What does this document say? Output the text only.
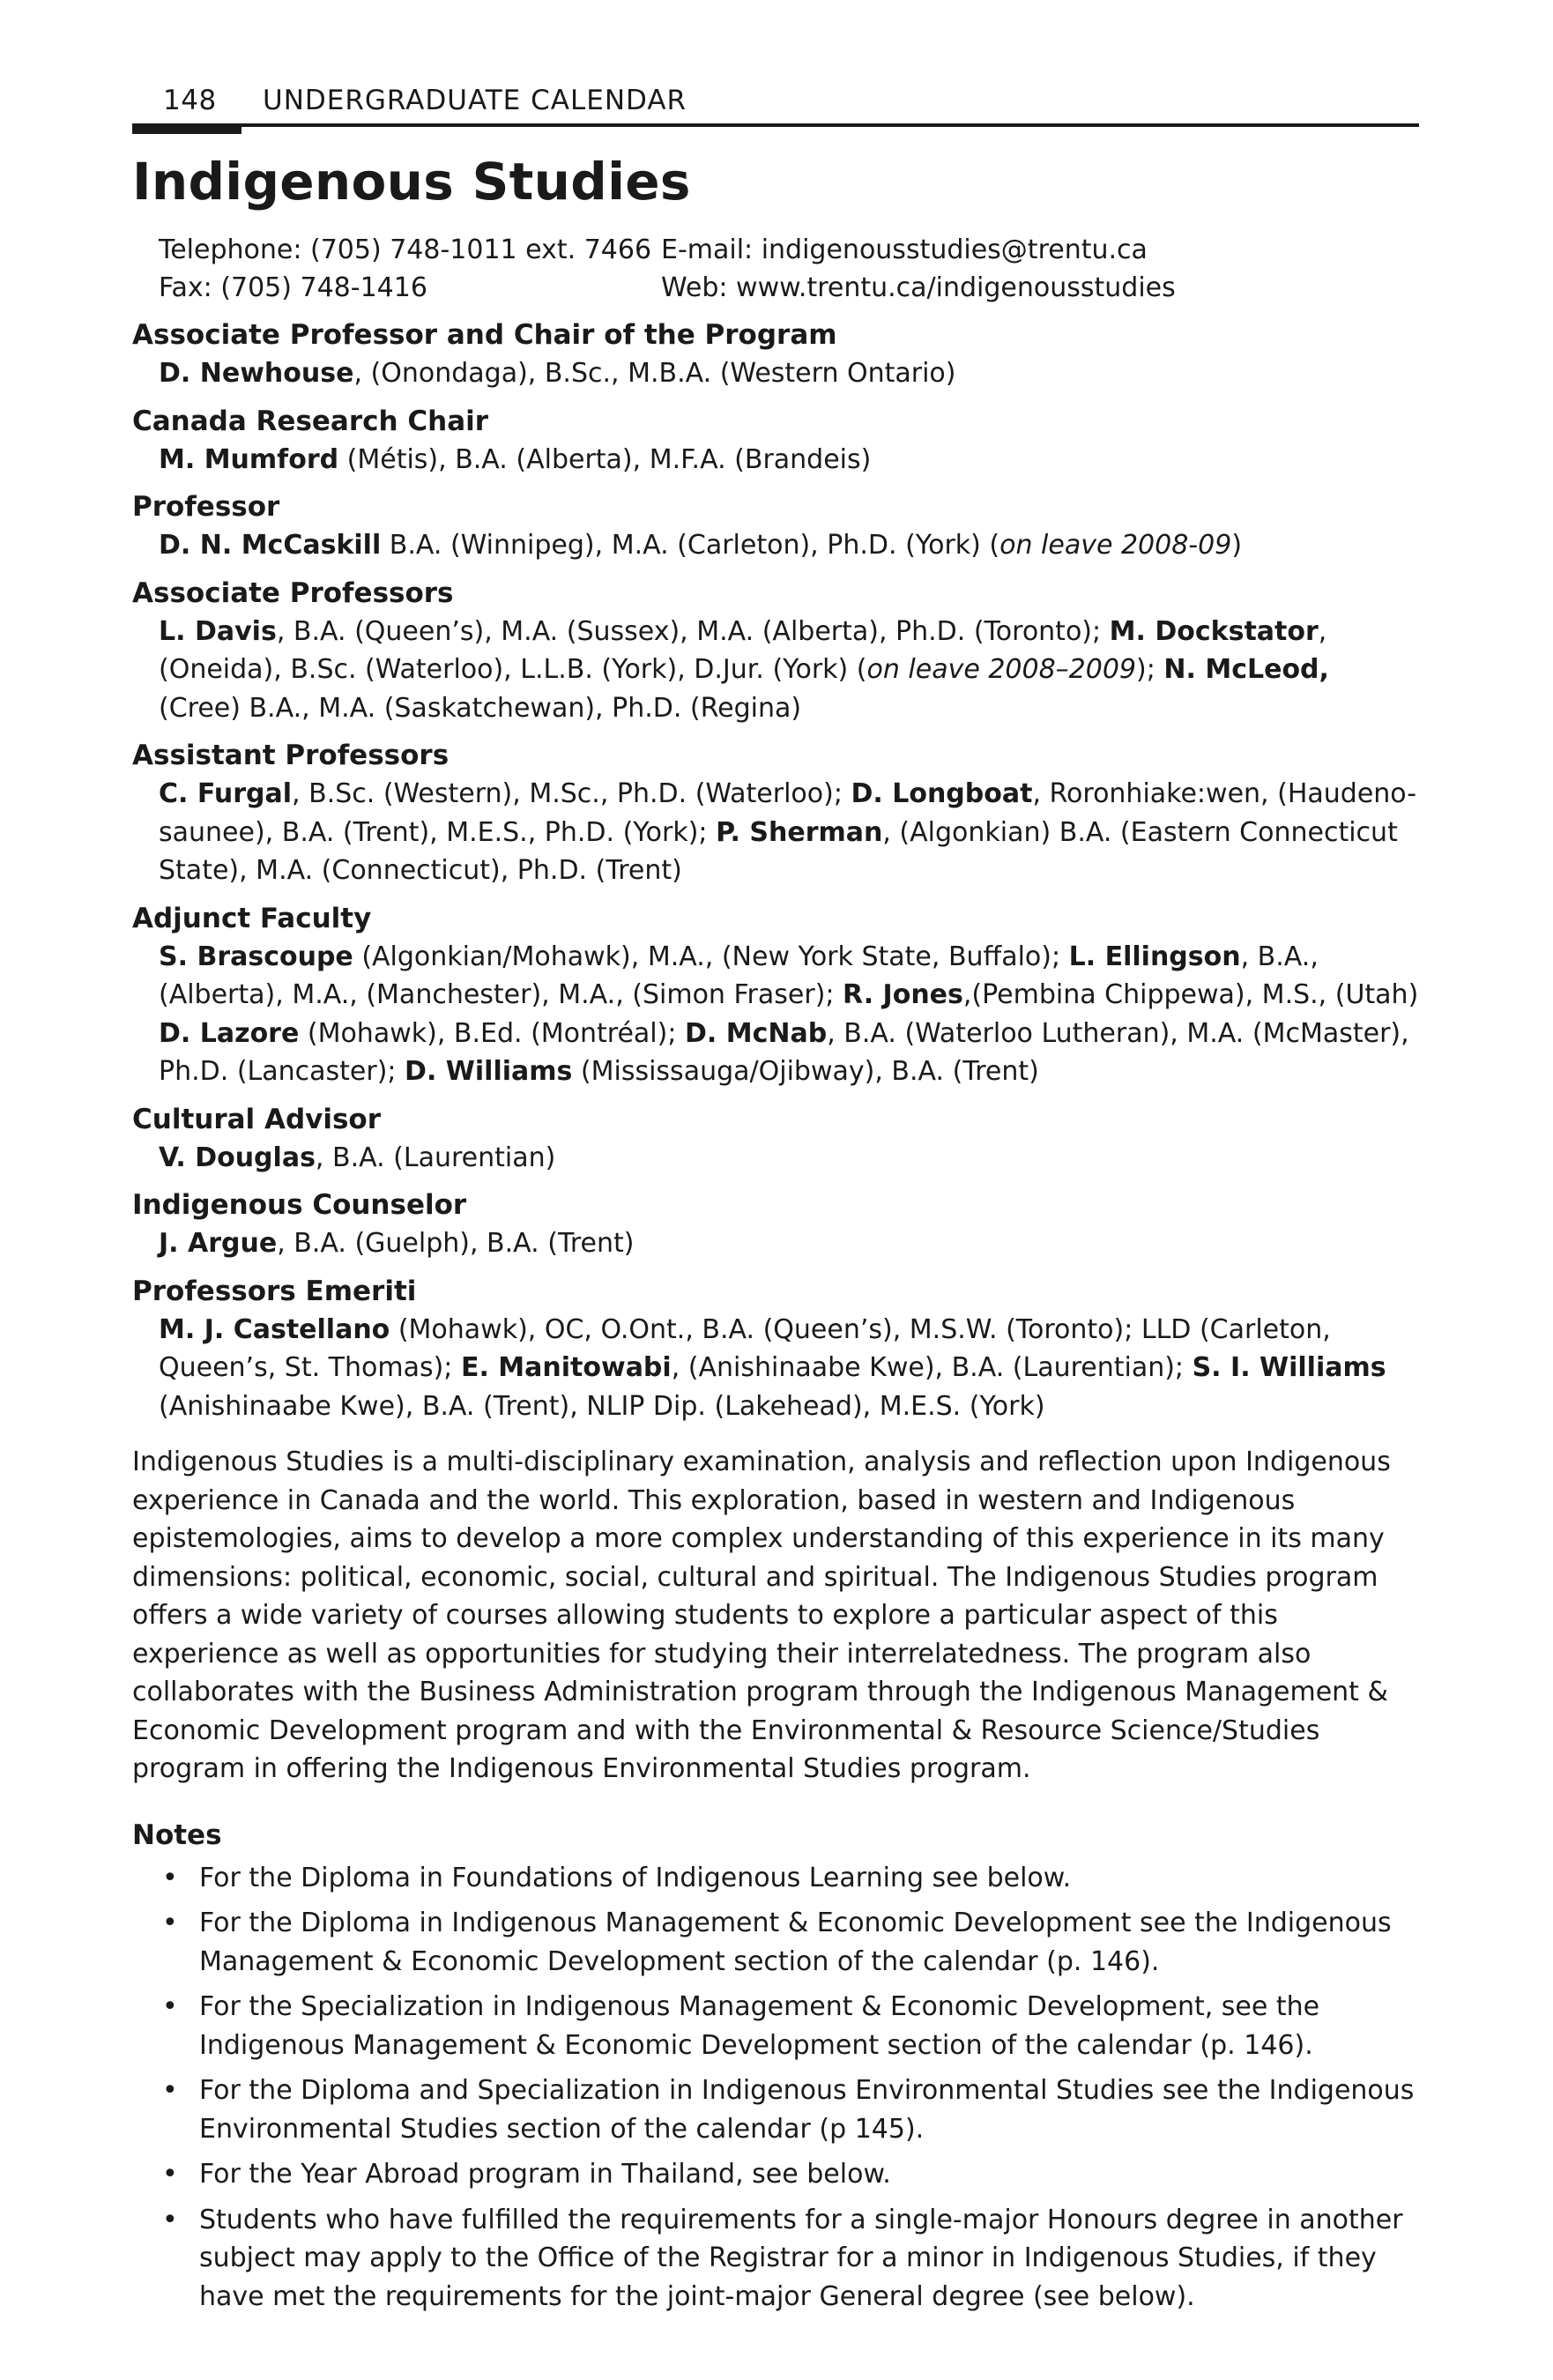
148 UNDERGRADUATE CALENDAR
Indigenous Studies
Telephone: (705) 748-1011 ext. 7466 E-mail: indigenousstudies@trentu.ca
Fax: (705) 748-1416	Web: www.trentu.ca/indigenousstudies
Associate Professor and Chair of the Program
D. Newhouse, (Onondaga), B.Sc., M.B.A. (Western Ontario)
Canada Research Chair
M. Mumford (Métis), B.A. (Alberta), M.F.A. (Brandeis)
Professor
D. N. McCaskill B.A. (Winnipeg), M.A. (Carleton), Ph.D. (York) (on leave 2008-09)
Associate Professors
L. Davis, B.A. (Queen’s), M.A. (Sussex), M.A. (Alberta), Ph.D. (Toronto); M. Dockstator, (Oneida), B.Sc. (Waterloo), L.L.B. (York), D.Jur. (York) (on leave 2008–2009); N. McLeod, (Cree) B.A., M.A. (Saskatchewan), Ph.D. (Regina)
Assistant Professors
C. Furgal, B.Sc. (Western), M.Sc., Ph.D. (Waterloo); D. Longboat, Roronhiake:wen, (Haudeno-saunee), B.A. (Trent), M.E.S., Ph.D. (York); P. Sherman, (Algonkian) B.A. (Eastern Connecticut State), M.A. (Connecticut), Ph.D. (Trent)
Adjunct Faculty
S. Brascoupe (Algonkian/Mohawk), M.A., (New York State, Buffalo); L. Ellingson, B.A., (Alberta), M.A., (Manchester), M.A., (Simon Fraser); R. Jones,(Pembina Chippewa), M.S., (Utah) D. Lazore (Mohawk), B.Ed. (Montréal); D. McNab, B.A. (Waterloo Lutheran), M.A. (McMaster), Ph.D. (Lancaster); D. Williams (Mississauga/Ojibway), B.A. (Trent)
Cultural Advisor
V. Douglas, B.A. (Laurentian)
Indigenous Counselor
J. Argue, B.A. (Guelph), B.A. (Trent)
Professors Emeriti
M. J. Castellano (Mohawk), OC, O.Ont., B.A. (Queen’s), M.S.W. (Toronto); LLD (Carleton, Queen’s, St. Thomas); E. Manitowabi, (Anishinaabe Kwe), B.A. (Laurentian); S. I. Williams (Anishinaabe Kwe), B.A. (Trent), NLIP Dip. (Lakehead), M.E.S. (York)

Indigenous Studies is a multi-disciplinary examination, analysis and reflection upon Indigenous experience in Canada and the world. This exploration, based in western and Indigenous epistemologies, aims to develop a more complex understanding of this experience in its many dimensions: political, economic, social, cultural and spiritual. The Indigenous Studies program offers a wide variety of courses allowing students to explore a particular aspect of this experience as well as opportunities for studying their interrelatedness. The program also collaborates with the Business Administration program through the Indigenous Management & Economic Development program and with the Environmental & Resource Science/Studies program in offering the Indigenous Environmental Studies program.

Notes
• For the Diploma in Foundations of Indigenous Learning see below.
• For the Diploma in Indigenous Management & Economic Development see the Indigenous Management & Economic Development section of the calendar (p. 146).
• For the Specialization in Indigenous Management & Economic Development, see the Indigenous Management & Economic Development section of the calendar (p. 146).
• For the Diploma and Specialization in Indigenous Environmental Studies see the Indigenous Environmental Studies section of the calendar (p 145).
• For the Year Abroad program in Thailand, see below.
• Students who have fulfilled the requirements for a single-major Honours degree in another subject may apply to the Office of the Registrar for a minor in Indigenous Studies, if they have met the requirements for the joint-major General degree (see below).
